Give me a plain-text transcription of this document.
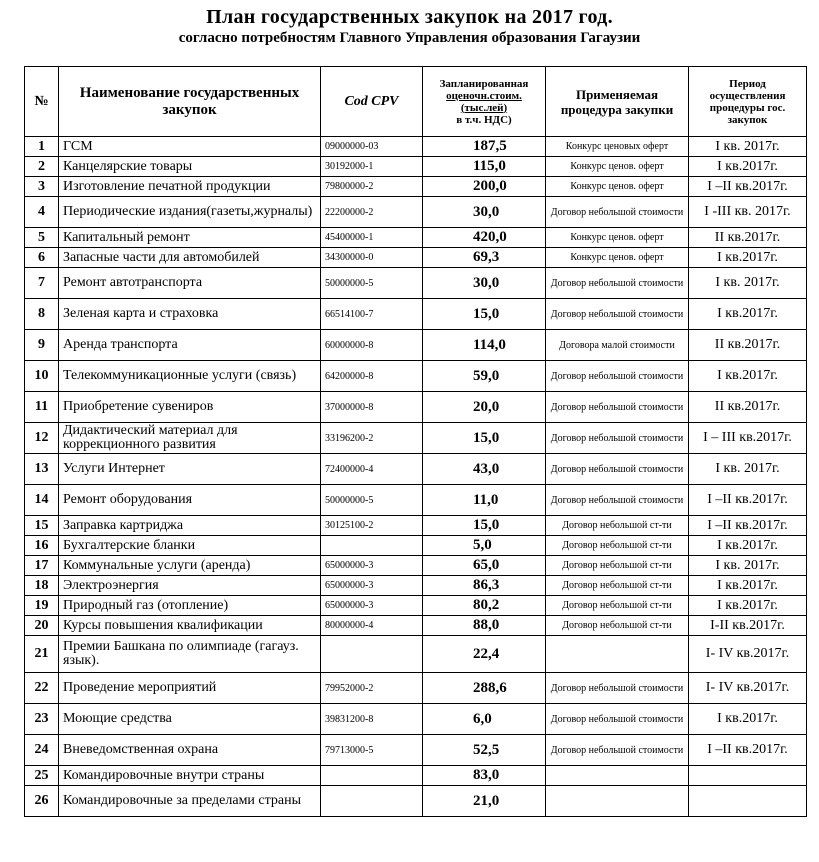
План государственных закупок на 2017 год.
согласно потребностям Главного Управления образования Гагаузии
№	Наименование государственных закупок	Cod CPV	Запланированная
оценочн.стоим.
(тыс.лей)
в т.ч. НДС)	Применяемая процедура закупки	Период осуществления процедуры гос. закупок
1	ГСМ	09000000-03	187,5	Конкурс ценовых оферт	I кв. 2017г.
2	Канцелярские товары	30192000-1	115,0	Конкурс ценов. оферт	I кв.2017г.
3	Изготовление печатной продукции	79800000-2	200,0	Конкурс ценов. оферт	I –II кв.2017г.
4	Периодические издания(газеты,журналы)	22200000-2	30,0	Договор небольшой стоимости	I -III кв. 2017г.
5	Капитальный ремонт	45400000-1	420,0	Конкурс ценов. оферт	II кв.2017г.
6	Запасные части для автомобилей	34300000-0	69,3	Конкурс ценов. оферт	I кв.2017г.
7	Ремонт автотранспорта	50000000-5	30,0	Договор небольшой стоимости	I кв. 2017г.
8	Зеленая карта и страховка	66514100-7	15,0	Договор небольшой стоимости	I кв.2017г.
9	Аренда транспорта	60000000-8	114,0	Договора малой стоимости	II кв.2017г.
10	Телекоммуникационные услуги (связь)	64200000-8	59,0	Договор небольшой стоимости	I кв.2017г.
11	Приобретение сувениров	37000000-8	20,0	Договор небольшой стоимости	II кв.2017г.
12	Дидактический материал для коррекционного развития	33196200-2	15,0	Договор небольшой стоимости	I – III кв.2017г.
13	Услуги Интернет	72400000-4	43,0	Договор небольшой стоимости	I кв. 2017г.
14	Ремонт оборудования	50000000-5	11,0	Договор небольшой стоимости	I –II кв.2017г.
15	Заправка картриджа	30125100-2	15,0	Договор небольшой ст-ти	I –II кв.2017г.
16	Бухгалтерские бланки		5,0	Договор небольшой ст-ти	I кв.2017г.
17	Коммунальные услуги (аренда)	65000000-3	65,0	Договор небольшой ст-ти	I кв. 2017г.
18	Электроэнергия	65000000-3	86,3	Договор небольшой ст-ти	I кв.2017г.
19	Природный газ (отопление)	65000000-3	80,2	Договор небольшой ст-ти	I кв.2017г.
20	Курсы повышения квалификации	80000000-4	88,0	Договор небольшой ст-ти	I-II кв.2017г.
21	Премии Башкана по олимпиаде (гагауз. язык).		22,4		I- IV кв.2017г.
22	Проведение мероприятий	79952000-2	288,6	Договор небольшой стоимости	I- IV кв.2017г.
23	Моющие средства	39831200-8	6,0	Договор небольшой стоимости	I кв.2017г.
24	Вневедомственная охрана	79713000-5	52,5	Договор небольшой стоимости	I –II кв.2017г.
25	Командировочные внутри страны		83,0		
26	Командировочные за пределами страны		21,0		
